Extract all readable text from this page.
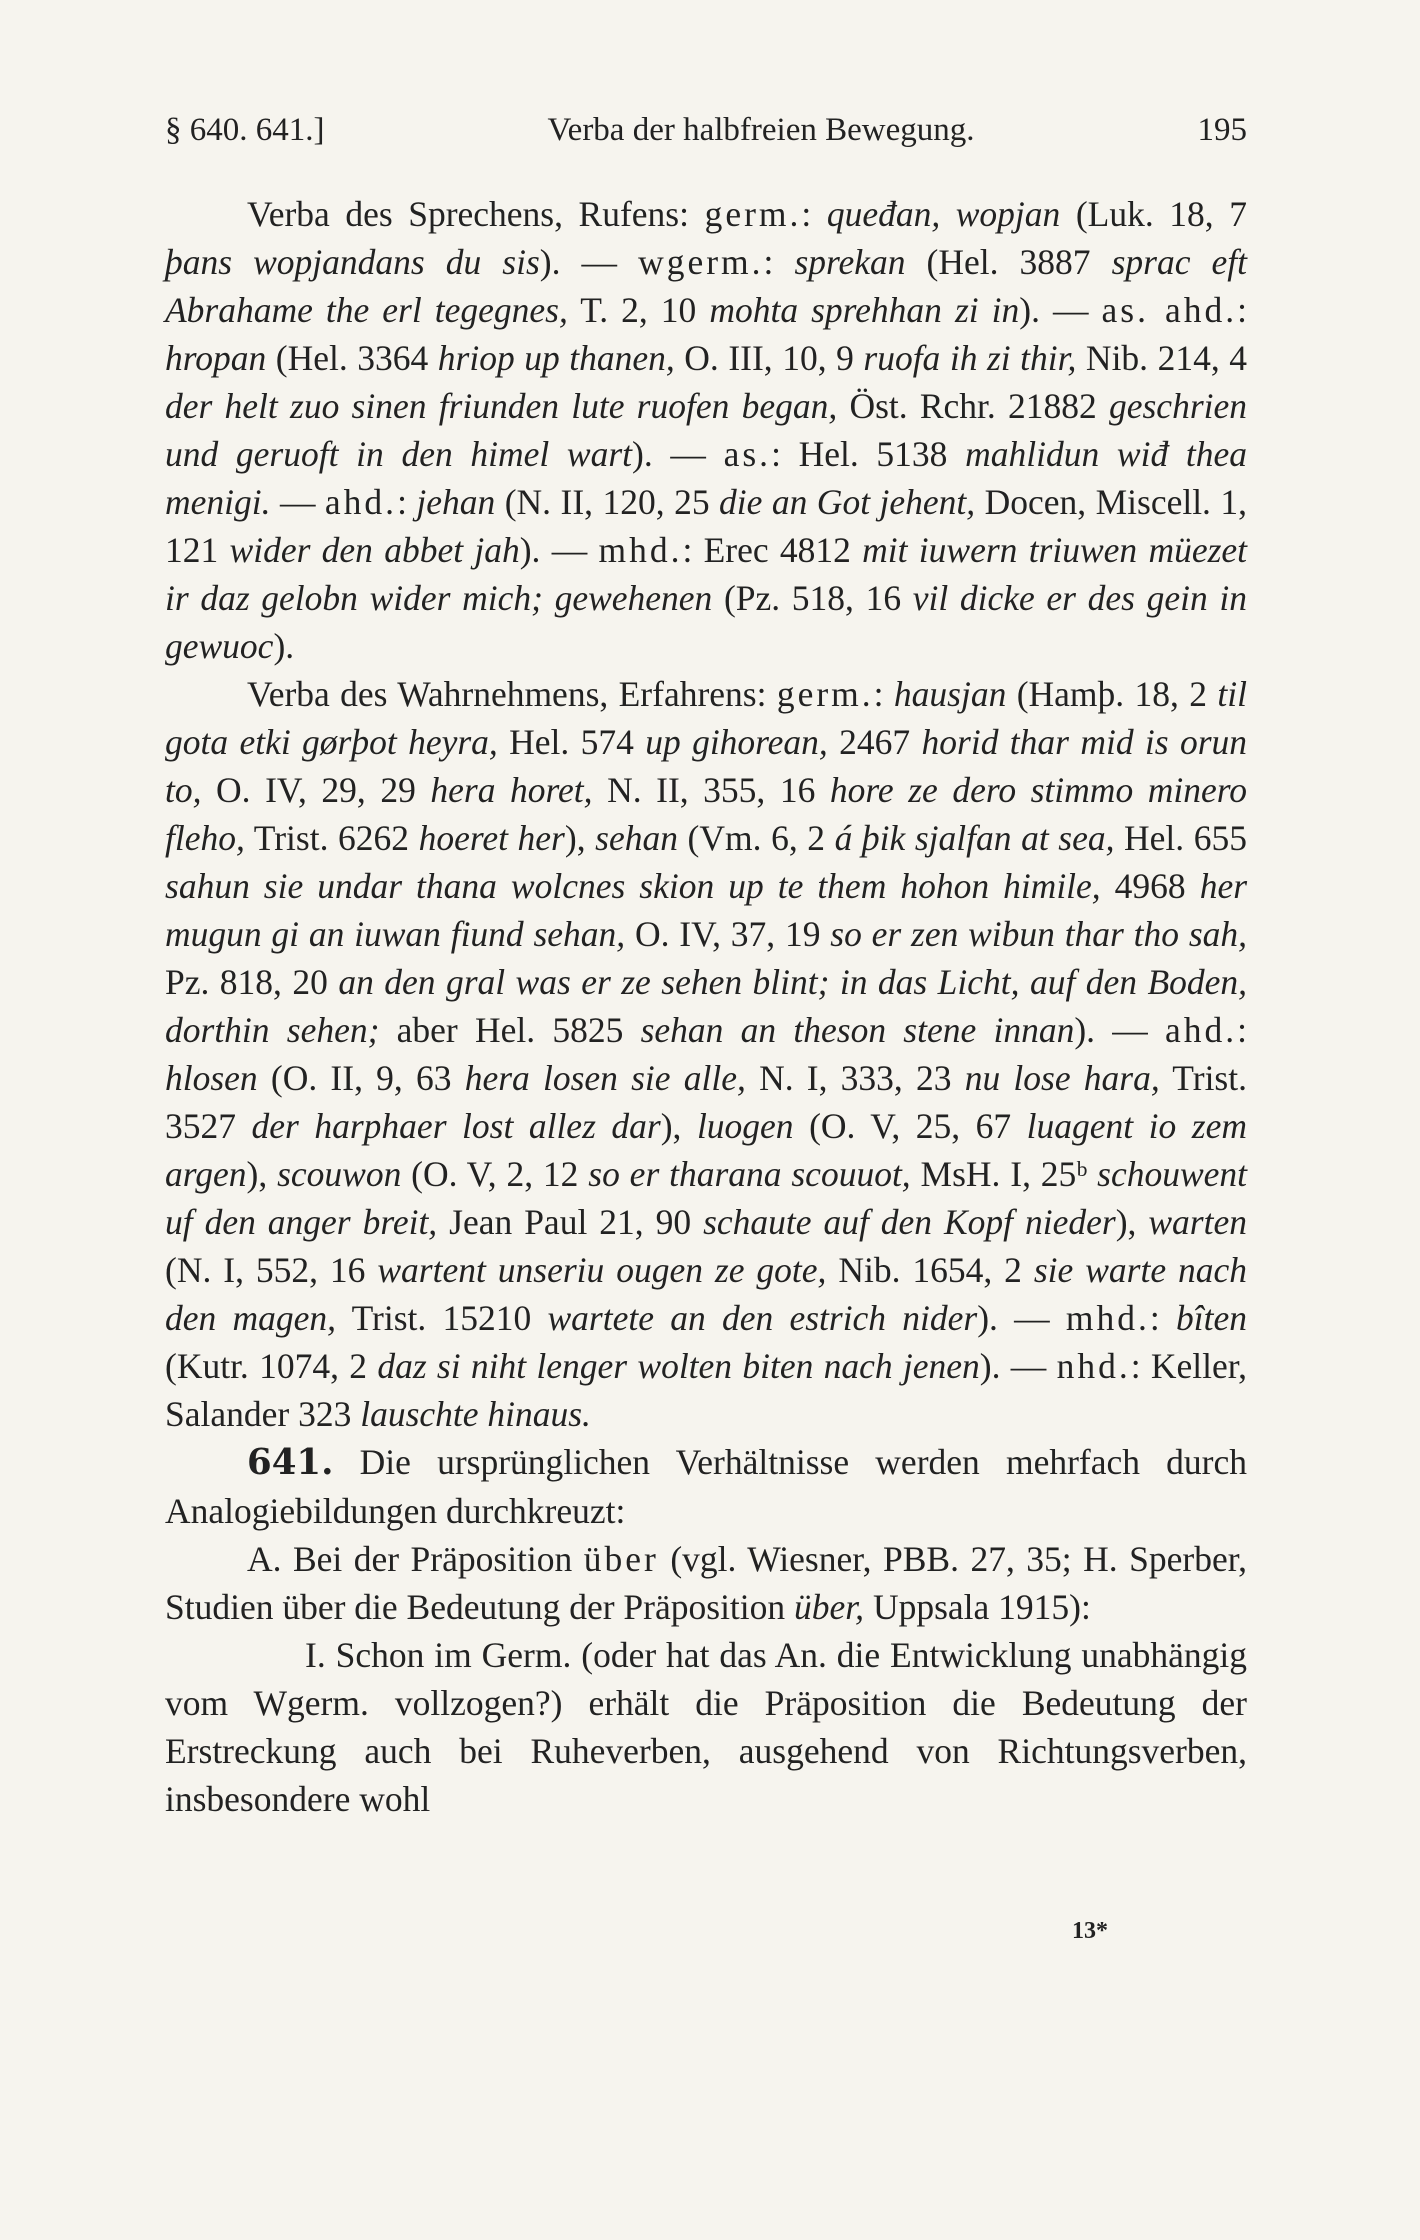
§ 640. 641.]	Verba der halbfreien Bewegung.	195

Verba des Sprechens, Rufens: germ.: queđan, wopjan (Luk. 18, 7 þans wopjandans du sis). — wgerm.: sprekan (Hel. 3887 sprac eft Abrahame the erl tegegnes, T. 2, 10 mohta sprehhan zi in). — as. ahd.: hropan (Hel. 3364 hriop up thanen, O. III, 10, 9 ruofa ih zi thir, Nib. 214, 4 der helt zuo sinen friunden lute ruofen began, Öst. Rchr. 21882 geschrien und geruoft in den himel wart). — as.: Hel. 5138 mahlidun wiđ thea menigi. — ahd.: jehan (N. II, 120, 25 die an Got jehent, Docen, Miscell. 1, 121 wider den abbet jah). — mhd.: Erec 4812 mit iuwern triuwen müezet ir daz gelobn wider mich; gewehenen (Pz. 518, 16 vil dicke er des gein in gewuoc).

Verba des Wahrnehmens, Erfahrens: germ.: hausjan (Hamþ. 18, 2 til gota etki gørþot heyra, Hel. 574 up gihorean, 2467 horid thar mid is orun to, O. IV, 29, 29 hera horet, N. II, 355, 16 hore ze dero stimmo minero fleho, Trist. 6262 hoeret her), sehan (Vm. 6, 2 á þik sjalfan at sea, Hel. 655 sahun sie undar thana wolcnes skion up te them hohon himile, 4968 her mugun gi an iuwan fiund sehan, O. IV, 37, 19 so er zen wibun thar tho sah, Pz. 818, 20 an den gral was er ze sehen blint; in das Licht, auf den Boden, dorthin sehen; aber Hel. 5825 sehan an theson stene innan). — ahd.: hlosen (O. II, 9, 63 hera losen sie alle, N. I, 333, 23 nu lose hara, Trist. 3527 der harphaer lost allez dar), luogen (O. V, 25, 67 luagent io zem argen), scouwon (O. V, 2, 12 so er tharana scouuot, MsH. I, 25ᵇ schouwent uf den anger breit, Jean Paul 21, 90 schaute auf den Kopf nieder), warten (N. I, 552, 16 wartent unseriu ougen ze gote, Nib. 1654, 2 sie warte nach den magen, Trist. 15210 wartete an den estrich nider). — mhd.: bîten (Kutr. 1074, 2 daz si niht lenger wolten biten nach jenen). — nhd.: Keller, Salander 323 lauschte hinaus.

641. Die ursprünglichen Verhältnisse werden mehrfach durch Analogiebildungen durchkreuzt:

A. Bei der Präposition über (vgl. Wiesner, PBB. 27, 35; H. Sperber, Studien über die Bedeutung der Präposition über, Uppsala 1915):

I. Schon im Germ. (oder hat das An. die Entwicklung unabhängig vom Wgerm. vollzogen?) erhält die Präposition die Bedeutung der Erstreckung auch bei Ruheverben, ausgehend von Richtungsverben, insbesondere wohl

13*
